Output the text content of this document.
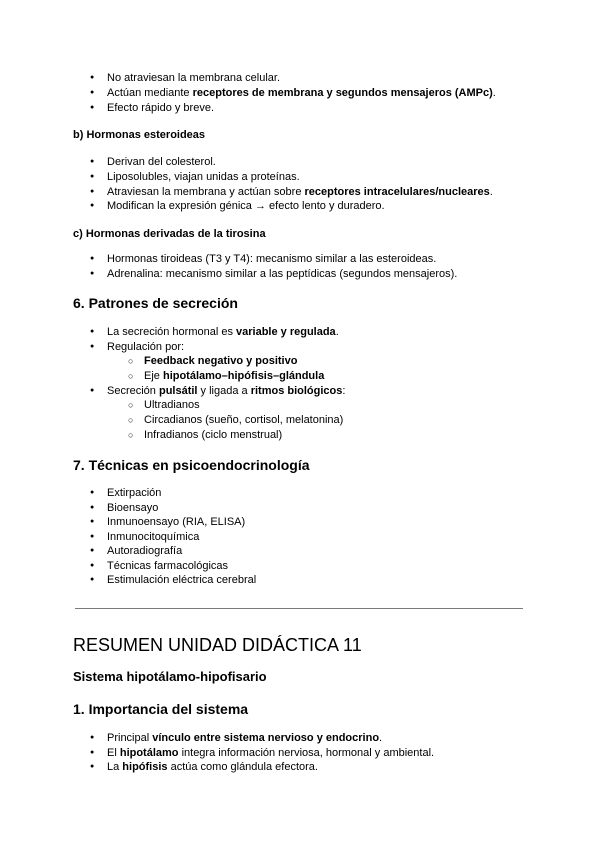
● No atraviesan la membrana celular.
● Actúan mediante receptores de membrana y segundos mensajeros (AMPc).
● Efecto rápido y breve.
b) Hormonas esteroideas
● Derivan del colesterol.
● Liposolubles, viajan unidas a proteínas.
● Atraviesan la membrana y actúan sobre receptores intracelulares/nucleares.
● Modifican la expresión génica → efecto lento y duradero.
c) Hormonas derivadas de la tirosina
● Hormonas tiroideas (T3 y T4): mecanismo similar a las esteroideas.
● Adrenalina: mecanismo similar a las peptídicas (segundos mensajeros).
6. Patrones de secreción
● La secreción hormonal es variable y regulada.
● Regulación por:
○ Feedback negativo y positivo
○ Eje hipotálamo–hipófisis–glándula
● Secreción pulsátil y ligada a ritmos biológicos:
○ Ultradianos
○ Circadianos (sueño, cortisol, melatonina)
○ Infradianos (ciclo menstrual)
7. Técnicas en psicoendocrinología
● Extirpación
● Bioensayo
● Inmunoensayo (RIA, ELISA)
● Inmunocitoquímica
● Autoradiografía
● Técnicas farmacológicas
● Estimulación eléctrica cerebral
RESUMEN UNIDAD DIDÁCTICA 11
Sistema hipotálamo-hipofisario
1. Importancia del sistema
● Principal vínculo entre sistema nervioso y endocrino.
● El hipotálamo integra información nerviosa, hormonal y ambiental.
● La hipófisis actúa como glándula efectora.
